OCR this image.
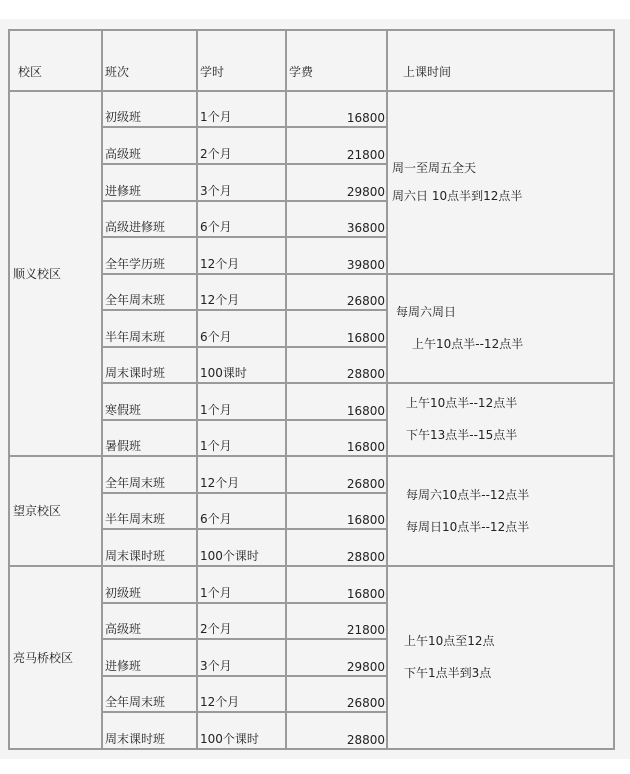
校区	班次	学时	学费	上课时间
顺义校区	初级班	1个月	16800	周一至周五全天
周六日 10点半到12点半

	高级班	2个月	21800	
	进修班	3个月	29800	
	高级进修班	6个月	36800	
	全年学历班	12个月	39800	
	全年周末班	12个月	26800	每周六周日
上午10点半--12点半

	半年周末班	6个月	16800	
	周末课时班	100课时	28800	
	寒假班	1个月	16800	上午10点半--12点半
下午13点半--15点半

	暑假班	1个月	16800	
望京校区	全年周末班	12个月	26800	每周六10点半--12点半
每周日10点半--12点半

	半年周末班	6个月	16800	
	周末课时班	100个课时	28800	
亮马桥校区	初级班	1个月	16800	上午10点至12点
下午1点半到3点

	高级班	2个月	21800	
	进修班	3个月	29800	
	全年周末班	12个月	26800	
	周末课时班	100个课时	28800	
